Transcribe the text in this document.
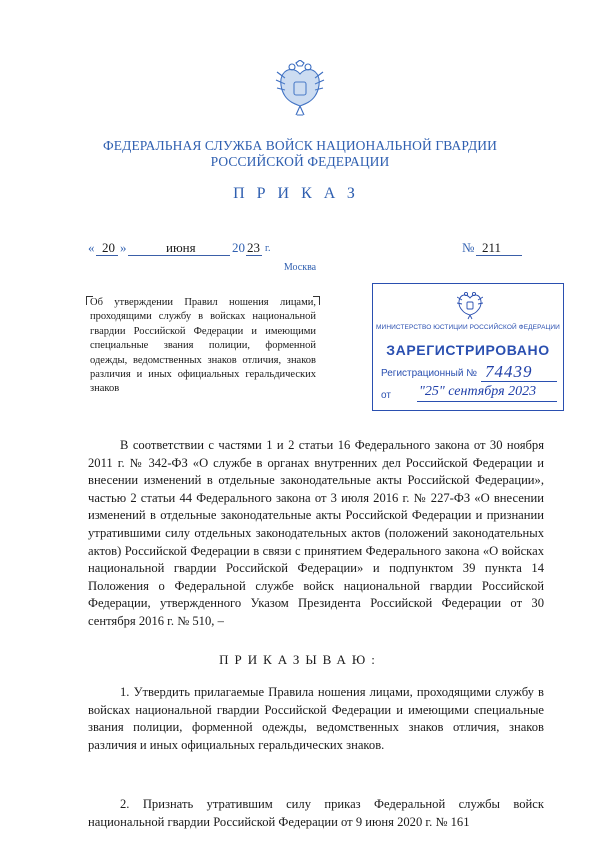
ФЕДЕРАЛЬНАЯ СЛУЖБА ВОЙСК НАЦИОНАЛЬНОЙ ГВАРДИИ
РОССИЙСКОЙ ФЕДЕРАЦИИ
ПРИКАЗ
« 20 »	июня	20 23 г.	№ 211
Москва
Об утверждении Правил ношения лицами, проходящими службу в войсках национальной гвардии Российской Федерации и имеющими специальные звания полиции, форменной одежды, ведомственных знаков отличия, знаков различия и иных официальных геральдических знаков
МИНИСТЕРСТВО ЮСТИЦИИ РОССИЙСКОЙ ФЕДЕРАЦИИ
ЗАРЕГИСТРИРОВАНО
Регистрационный № 74439
от "25" сентября 2023
В соответствии с частями 1 и 2 статьи 16 Федерального закона от 30 ноября 2011 г. № 342-ФЗ «О службе в органах внутренних дел Российской Федерации и внесении изменений в отдельные законодательные акты Российской Федерации», частью 2 статьи 44 Федерального закона от 3 июля 2016 г. № 227-ФЗ «О внесении изменений в отдельные законодательные акты Российской Федерации и признании утратившими силу отдельных законодательных актов (положений законодательных актов) Российской Федерации в связи с принятием Федерального закона «О войсках национальной гвардии Российской Федерации» и подпунктом 39 пункта 14 Положения о Федеральной службе войск национальной гвардии Российской Федерации, утвержденного Указом Президента Российской Федерации от 30 сентября 2016 г. № 510, –
ПРИКАЗЫВАЮ:
1. Утвердить прилагаемые Правила ношения лицами, проходящими службу в войсках национальной гвардии Российской Федерации и имеющими специальные звания полиции, форменной одежды, ведомственных знаков отличия, знаков различия и иных официальных геральдических знаков.
2. Признать утратившим силу приказ Федеральной службы войск национальной гвардии Российской Федерации от 9 июня 2020 г. № 161
